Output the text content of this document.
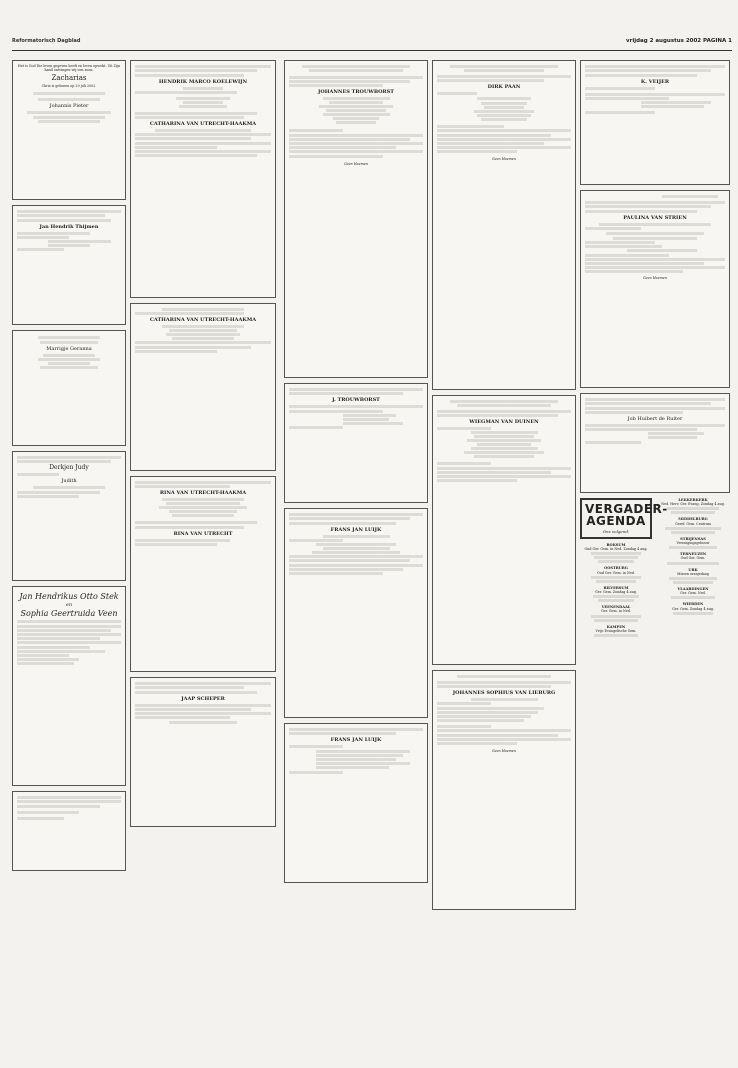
Reformatorisch Dagblad	vrijdag 2 augustus 2002 PAGINA 1

Het is God Die leven gegeven heeft en leven opwekt. Uit Zijn hand ontvingen wij een zoon:

Zacharias

Chris is geboren op 29 juli 2002.

Johannis Pieter
Jan Hendrik Thijmen
Marrigje Geranna
Derkjen Judy
Judith
Jan Hendrikus Otto Stek
en
Sophia Geertruida Veen
HENDRIK MARCO KOELEWIJN
CATHARINA VAN UTRECHT-HAAKMA
CATHARINA VAN UTRECHT-HAAKMA
RINA VAN UTRECHT-HAAKMA
RINA VAN UTRECHT
JAAP SCHEPER
JOHANNES TROUWBORST
Geen bloemen
J. TROUWBORST
FRANS JAN LUIJK
FRANS JAN LUIJK
DIRK PAAN
Geen bloemen
WIEGMAN VAN DUINEN
JOHANNES SOPHIUS VAN LIEBURG
Geen bloemen
K. VEIJER
PAULINA VAN STRIEN
Geen bloemen
Job Huibert de Ruiter
VERGADER-AGENDA
Ons volgend:
BOKSUM
Ond Ger. Gem. in Ned. Zondag 4 aug.
OOSTBURG
Oud Ger. Gem. in Ned.
BILVERSUM
Ger. Gem. Zondag 4 aug.
VEENENDAAL
Ger. Gem. in Ned.
KAMPEN
Vrije Evangelische Gem.
LEKKERKERK
Ned. Herv. Ger. Evang. Zondag 4 aug.
MIDDELBURG
Geref. Gem. Centrum
STRIJENSAS
Verenigingsgebouw
TERNEUZEN
Oud Ger. Gem.
URK
Missen oranjedaag
VLAARDINGEN
Ger. Gem. Ned.
WIERDEN
Ger. Gem. Zondag 4 aug.
